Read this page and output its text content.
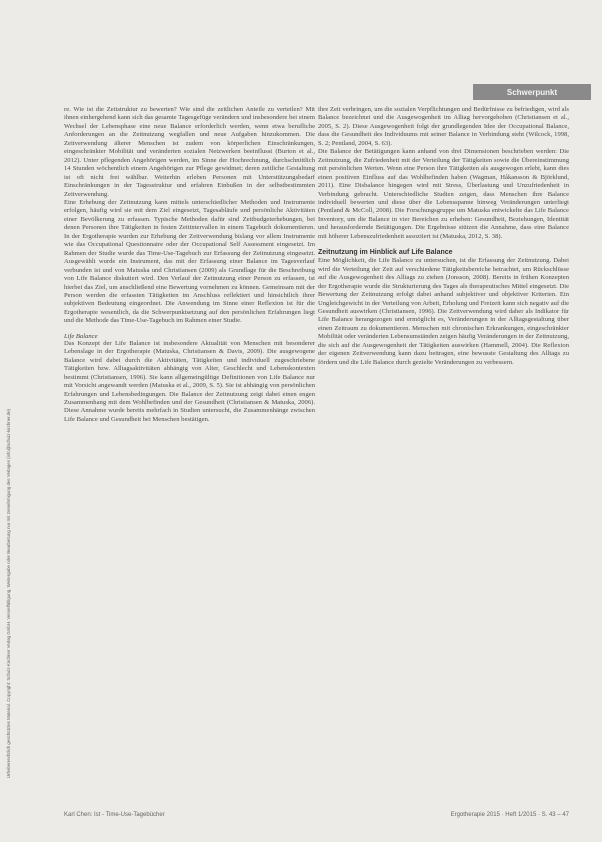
Schwerpunkt
Urheberrechtlich geschütztes Material. Copyright: Schulz-Kirchner Verlag GmbH. Vervielfältigung, Weitergabe oder Bearbeitung nur mit Genehmigung des Verlages (info@schulz-kirchner.de)

re. Wie ist die Zeitstruktur zu bewerten? Wie sind die zeitlichen Anteile zu verteilen? Mit ihnen einhergehend kann sich das gesamte Tagesgefüge verändern und insbesondere bei einem Wechsel der Lebensphase eine neue Balance erforderlich werden, wenn etwa berufliche Anforderungen an die Zeitnutzung wegfallen und neue Aufgaben hinzukommen. Die Zeitverwendung älterer Menschen ist zudem von körperlichen Einschränkungen, eingeschränkter Mobilität und veränderten sozialen Netzwerken beeinflusst (Burton et al., 2012). Unter pflegenden Angehörigen werden, im Sinne der Hochrechnung, durchschnittlich 14 Stunden wöchentlich einem Angehörigen zur Pflege gewidmet; deren zeitliche Gestaltung ist oft nicht frei wählbar. Weiterhin erleben Personen mit Unterstützungsbedarf Einschränkungen in der Tagesstruktur und erfahren Einbußen in der selbstbestimmten Zeitverwendung.

Eine Erhebung der Zeitnutzung kann mittels unterschiedlicher Methoden und Instrumente erfolgen, häufig wird sie mit dem Ziel eingesetzt, Tagesabläufe und persönliche Aktivitäten einer Bevölkerung zu erfassen. Typische Methoden dafür sind Zeitbudgeterhebungen, bei denen Personen ihre Tätigkeiten in festen Zeitintervallen in einem Tagebuch dokumentieren. In der Ergotherapie wurden zur Erhebung der Zeitverwendung bislang vor allem Instrumente wie das Occupational Questionnaire oder der Occupational Self Assessment eingesetzt. Im Rahmen der Studie wurde das Time-Use-Tagebuch zur Erfassung der Zeitnutzung eingesetzt. Ausgewählt wurde ein Instrument, das mit der Erfassung einer Balance im Tagesverlauf verbunden ist und von Matuska und Christiansen (2009) als Grundlage für die Beschreibung von Life Balance diskutiert wird. Den Verlauf der Zeitnutzung einer Person zu erfassen, ist hierbei das Ziel, um anschließend eine Bewertung vornehmen zu können. Gemeinsam mit der Person werden die erfassten Tätigkeiten im Anschluss reflektiert und hinsichtlich ihrer subjektiven Bedeutung eingeordnet. Die Anwendung im Sinne einer Reflexion ist für die Ergotherapie wesentlich, da die Schwerpunktsetzung auf den persönlichen Erfahrungen liegt und die Methode das Time-Use-Tagebuch im Rahmen einer Studie.

Life Balance

Das Konzept der Life Balance ist insbesondere Aktualität von Menschen mit besonderer Lebenslage in der Ergotherapie (Matuska, Christiansen & Davis, 2009). Die ausgewogene Balance wird dabei durch die Aktivitäten, Tätigkeiten und individuell zugeschriebene Tätigkeiten bzw. Alltagsaktivitäten abhängig von Alter, Geschlecht und Lebenskontexten bestimmt (Christiansen, 1996). Sie kann allgemeingültige Definitionen von Life Balance nur mit Vorsicht angewandt werden (Matuska et al., 2009, S. 5). Sie ist abhängig von persönlichen Erfahrungen und Lebensbedingungen. Die Balance der Zeitnutzung zeigt dabei einen engen Zusammenhang mit dem Wohlbefinden und der Gesundheit (Christiansen & Matuska, 2006). Diese Annahme wurde bereits mehrfach in Studien untersucht, die Zusammenhänge zwischen Life Balance und Gesundheit bei Menschen bestätigen.

ihre Zeit verbringen, um die sozialen Verpflichtungen und Bedürfnisse zu befriedigen, wird als Balance bezeichnet und die Ausgewogenheit im Alltag hervorgehoben (Christiansen et al., 2005, S. 2). Diese Ausgewogenheit folgt der grundlegenden Idee der Occupational Balance, dass die Gesundheit des Individuums mit seiner Balance in Verbindung steht (Wilcock, 1998, S. 2; Pentland, 2004, S. 63).

Die Balance der Betätigungen kann anhand von drei Dimensionen beschrieben werden: Die Zeitnutzung, die Zufriedenheit mit der Verteilung der Tätigkeiten sowie die Übereinstimmung mit persönlichen Werten. Wenn eine Person ihre Tätigkeiten als ausgewogen erlebt, kann dies einen positiven Einfluss auf das Wohlbefinden haben (Wagman, Håkansson & Björklund, 2011). Eine Disbalance hingegen wird mit Stress, Überlastung und Unzufriedenheit in Verbindung gebracht. Unterschiedliche Studien zeigen, dass Menschen ihre Balance individuell bewerten und diese über die Lebensspanne hinweg Veränderungen unterliegt (Pentland & McColl, 2008). Die Forschungsgruppe um Matuska entwickelte das Life Balance Inventory, um die Balance in vier Bereichen zu erheben: Gesundheit, Beziehungen, Identität und herausfordernde Betätigungen. Die Ergebnisse stützen die Annahme, dass eine Balance mit höherer Lebenszufriedenheit assoziiert ist (Matuska, 2012, S. 38).

Zeitnutzung im Hinblick auf Life Balance

Eine Möglichkeit, die Life Balance zu untersuchen, ist die Erfassung der Zeitnutzung. Dabei wird die Verteilung der Zeit auf verschiedene Tätigkeitsbereiche betrachtet, um Rückschlüsse auf die Ausgewogenheit des Alltags zu ziehen (Jonsson, 2008). Bereits in frühen Konzepten der Ergotherapie wurde die Strukturierung des Tages als therapeutisches Mittel eingesetzt. Die Bewertung der Zeitnutzung erfolgt dabei anhand subjektiver und objektiver Kriterien. Ein Ungleichgewicht in der Verteilung von Arbeit, Erholung und Freizeit kann sich negativ auf die Gesundheit auswirken (Christiansen, 1996). Die Zeitverwendung wird daher als Indikator für Life Balance herangezogen und ermöglicht es, Veränderungen in der Alltagsgestaltung über einen Zeitraum zu dokumentieren. Menschen mit chronischen Erkrankungen, eingeschränkter Mobilität oder veränderten Lebensumständen zeigen häufig Veränderungen in der Zeitnutzung, die sich auf die Ausgewogenheit der Tätigkeiten auswirken (Hammell, 2004). Die Reflexion der eigenen Zeitverwendung kann dazu beitragen, eine bewusste Gestaltung des Alltags zu fördern und die Life Balance durch gezielte Veränderungen zu verbessern.

Karl Chen: Ist - Time-Use-Tagebücher	Ergotherapie 2015 · Heft 1/2015 · S. 43 – 47
